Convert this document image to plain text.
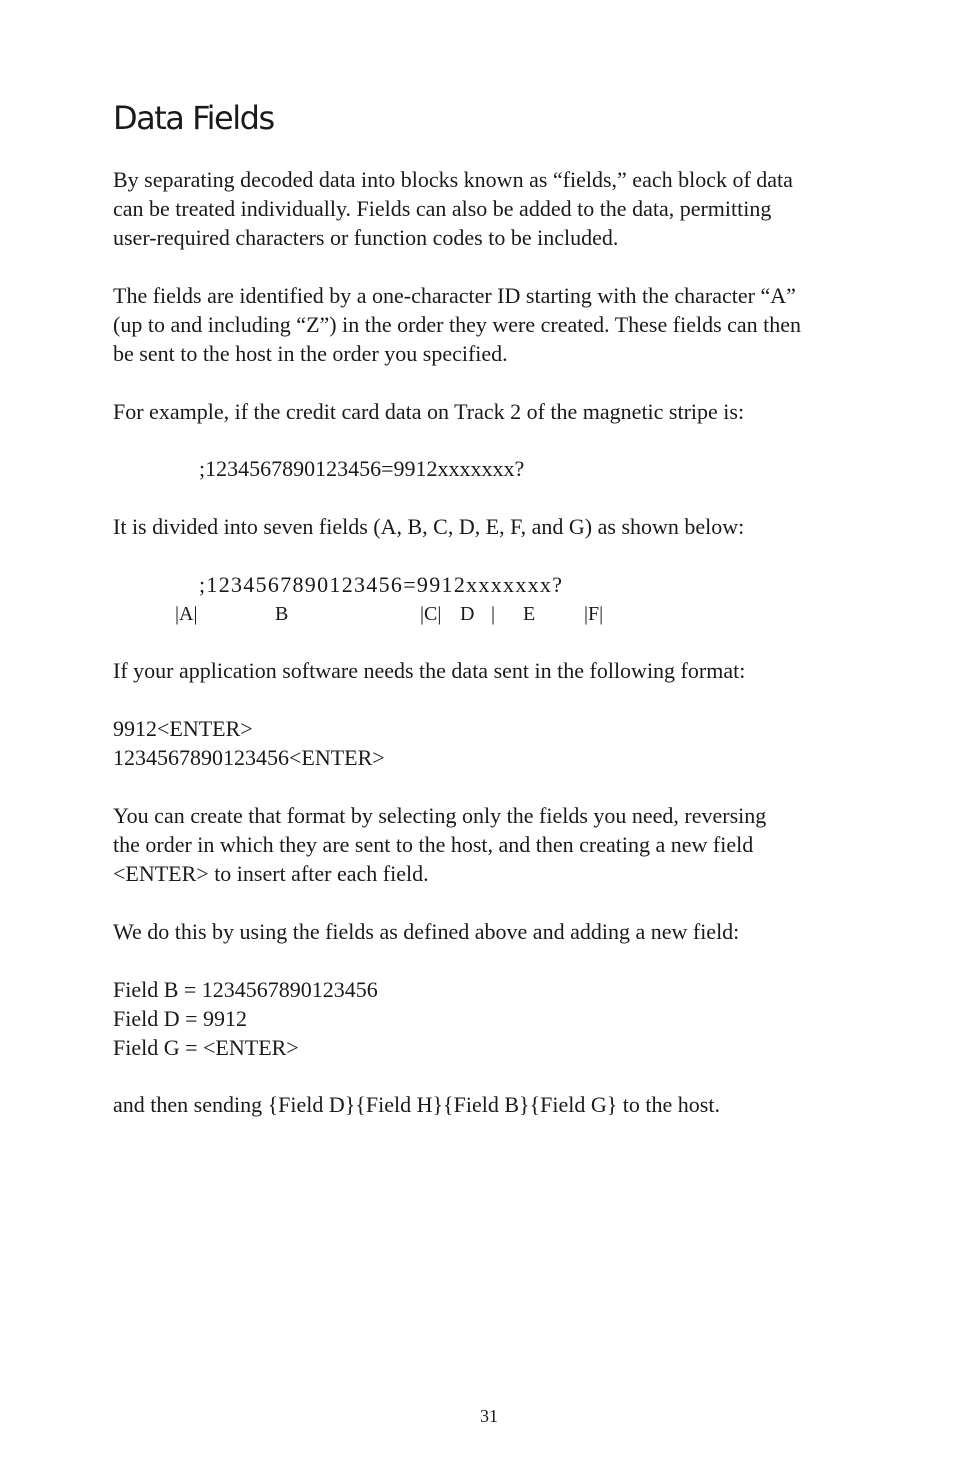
Data Fields

By separating decoded data into blocks known as “fields,” each block of data
can be treated individually. Fields can also be added to the data, permitting
user-required characters or function codes to be included.

The fields are identified by a one-character ID starting with the character “A”
(up to and including “Z”) in the order they were created. These fields can then
be sent to the host in the order you specified.

For example, if the credit card data on Track 2 of the magnetic stripe is:

;1234567890123456=9912xxxxxxx?

It is divided into seven fields (A, B, C, D, E, F, and G) as shown below:

;1234567890123456=9912xxxxxxx?
|A|	B	|C| D | E |F|

If your application software needs the data sent in the following format:

9912<ENTER>
1234567890123456<ENTER>

You can create that format by selecting only the fields you need, reversing
the order in which they are sent to the host, and then creating a new field
<ENTER> to insert after each field.

We do this by using the fields as defined above and adding a new field:

Field B = 1234567890123456
Field D = 9912
Field G = <ENTER>

and then sending {Field D}{Field H}{Field B}{Field G} to the host.

31
